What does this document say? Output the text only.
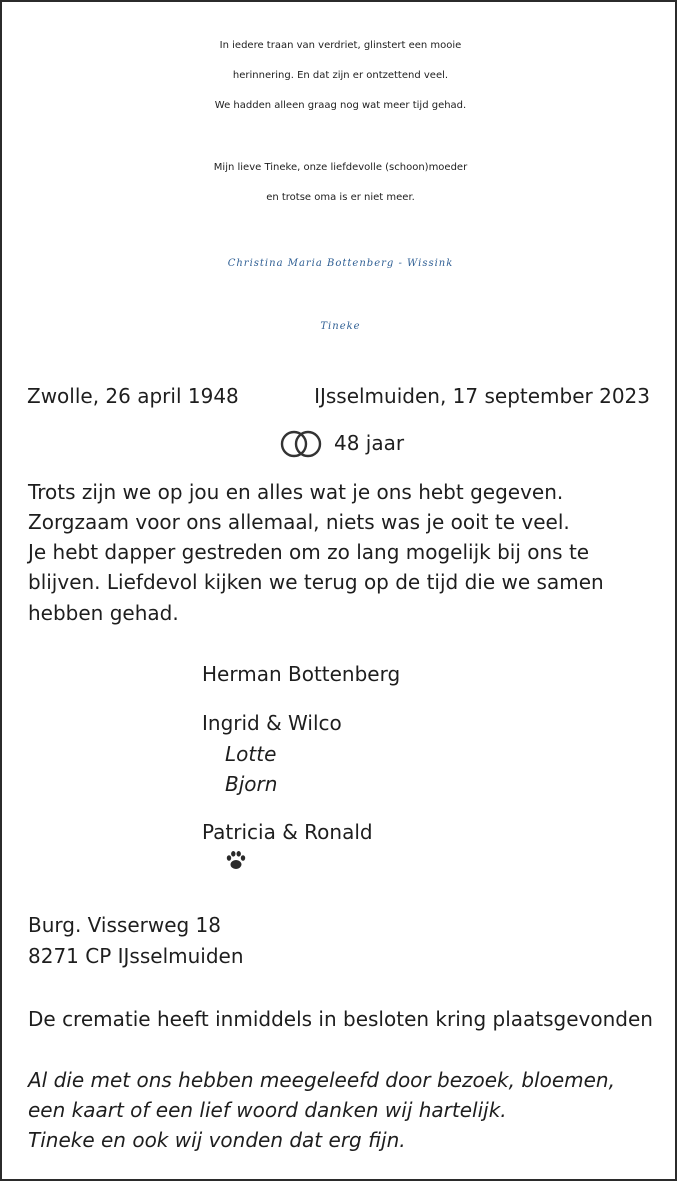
In iedere traan van verdriet, glinstert een mooie
herinnering. En dat zijn er ontzettend veel.
We hadden alleen graag nog wat meer tijd gehad.
Mijn lieve Tineke, onze liefdevolle (schoon)moeder
en trotse oma is er niet meer.
Christina Maria Bottenberg - Wissink
Tineke
Zwolle, 26 april 1948	IJsselmuiden, 17 september 2023
48 jaar
Trots zijn we op jou en alles wat je ons hebt gegeven.
Zorgzaam voor ons allemaal, niets was je ooit te veel.
Je hebt dapper gestreden om zo lang mogelijk bij ons te
blijven. Liefdevol kijken we terug op de tijd die we samen
hebben gehad.
Herman Bottenberg
Ingrid & Wilco
Lotte
Bjorn
Patricia & Ronald
Burg. Visserweg 18
8271 CP IJsselmuiden
De crematie heeft inmiddels in besloten kring plaatsgevonden
Al die met ons hebben meegeleefd door bezoek, bloemen,
een kaart of een lief woord danken wij hartelijk.
Tineke en ook wij vonden dat erg fijn.
